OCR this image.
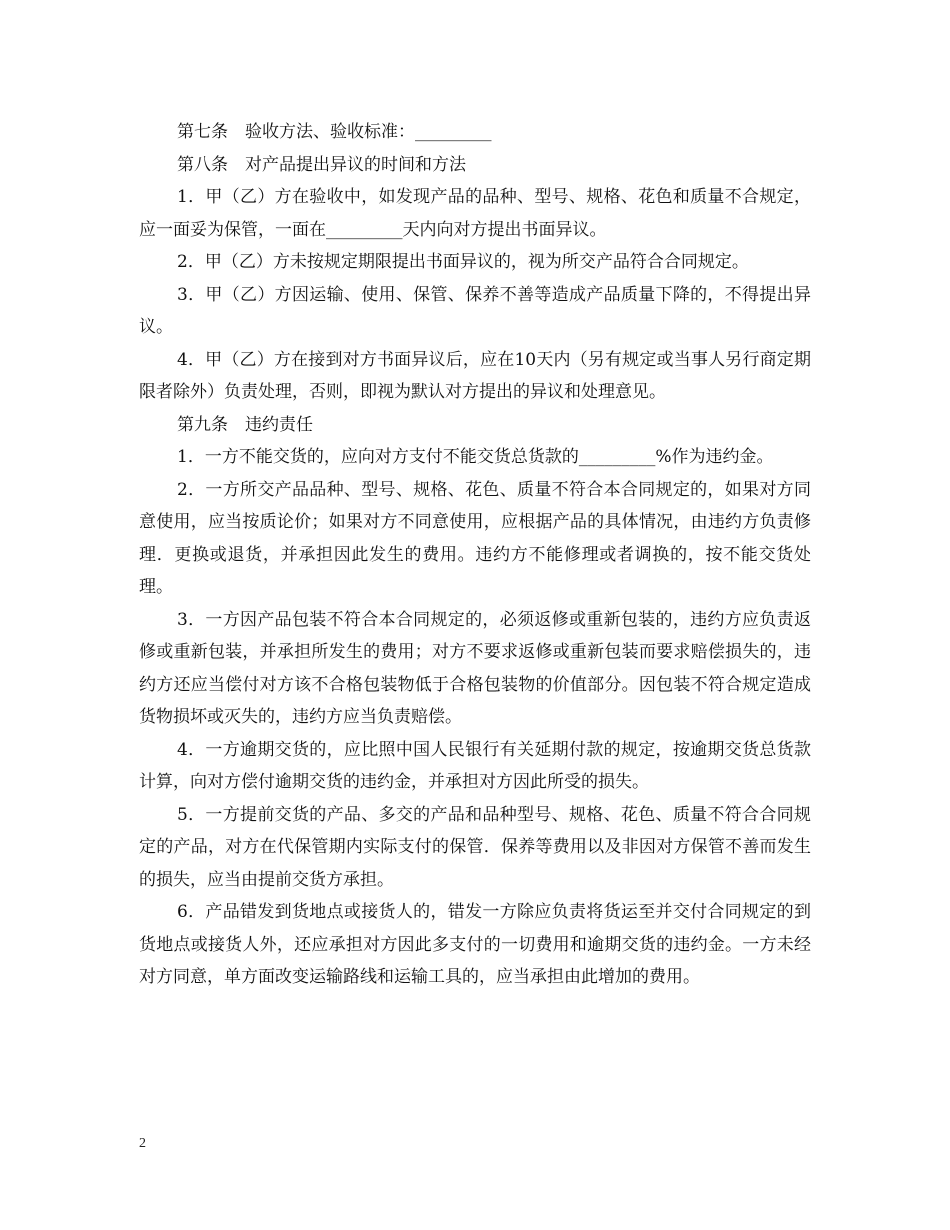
第七条　验收方法、验收标准：_________

第八条　对产品提出异议的时间和方法

1．甲（乙）方在验收中，如发现产品的品种、型号、规格、花色和质量不合规定，应一面妥为保管，一面在_________天内向对方提出书面异议。

2．甲（乙）方未按规定期限提出书面异议的，视为所交产品符合合同规定。

3．甲（乙）方因运输、使用、保管、保养不善等造成产品质量下降的，不得提出异议。

4．甲（乙）方在接到对方书面异议后，应在10天内（另有规定或当事人另行商定期限者除外）负责处理，否则，即视为默认对方提出的异议和处理意见。

第九条　违约责任

1．一方不能交货的，应向对方支付不能交货总货款的_________%作为违约金。

2．一方所交产品品种、型号、规格、花色、质量不符合本合同规定的，如果对方同意使用，应当按质论价；如果对方不同意使用，应根据产品的具体情况，由违约方负责修理．更换或退货，并承担因此发生的费用。违约方不能修理或者调换的，按不能交货处理。

3．一方因产品包装不符合本合同规定的，必须返修或重新包装的，违约方应负责返修或重新包装，并承担所发生的费用；对方不要求返修或重新包装而要求赔偿损失的，违约方还应当偿付对方该不合格包装物低于合格包装物的价值部分。因包装不符合规定造成货物损坏或灭失的，违约方应当负责赔偿。

4．一方逾期交货的，应比照中国人民银行有关延期付款的规定，按逾期交货总货款计算，向对方偿付逾期交货的违约金，并承担对方因此所受的损失。

5．一方提前交货的产品、多交的产品和品种型号、规格、花色、质量不符合合同规定的产品，对方在代保管期内实际支付的保管．保养等费用以及非因对方保管不善而发生的损失，应当由提前交货方承担。

6．产品错发到货地点或接货人的，错发一方除应负责将货运至并交付合同规定的到货地点或接货人外，还应承担对方因此多支付的一切费用和逾期交货的违约金。一方未经对方同意，单方面改变运输路线和运输工具的，应当承担由此增加的费用。

2
